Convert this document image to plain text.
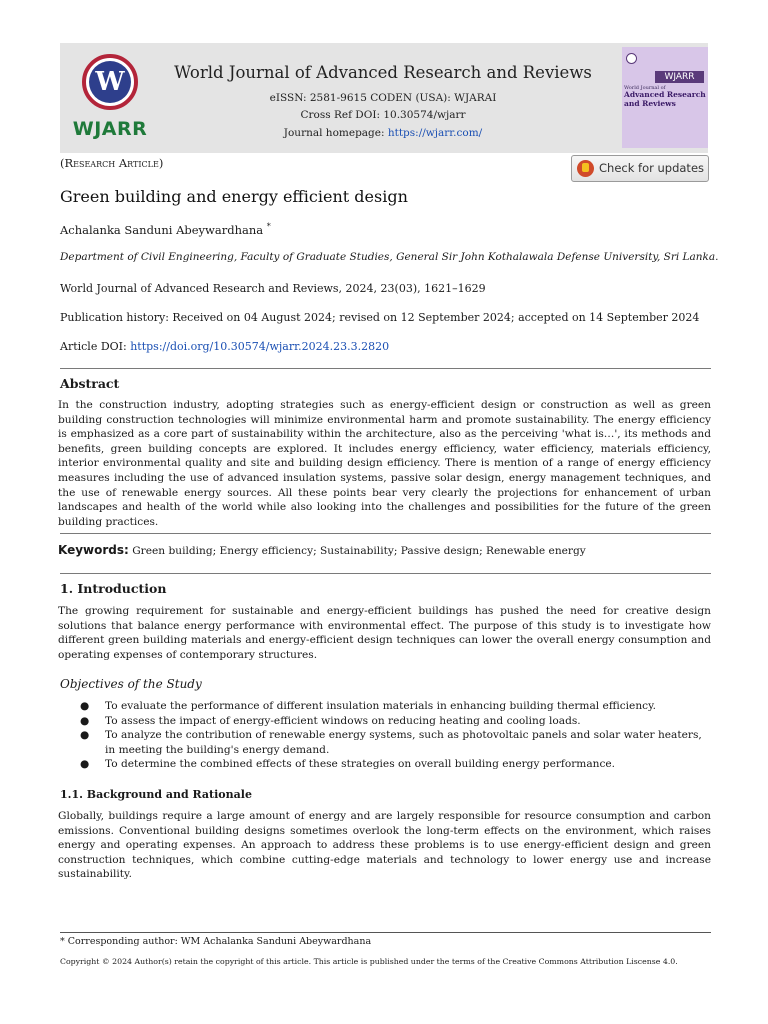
W
WJARR
World Journal of Advanced Research and Reviews
eISSN: 2581-9615 CODEN (USA): WJARAI
Cross Ref DOI: 10.30574/wjarr
Journal homepage: https://wjarr.com/
WJARR
World Journal of
Advanced Research and Reviews
(Research Article)	Check for updates
Green building and energy efficient design
Achalanka Sanduni Abeywardhana *
Department of Civil Engineering, Faculty of Graduate Studies, General Sir John Kothalawala Defense University, Sri Lanka.
World Journal of Advanced Research and Reviews, 2024, 23(03), 1621–1629
Publication history: Received on 04 August 2024; revised on 12 September 2024; accepted on 14 September 2024
Article DOI: https://doi.org/10.30574/wjarr.2024.23.3.2820
Abstract
In the construction industry, adopting strategies such as energy-efficient design or construction as well as green building construction technologies will minimize environmental harm and promote sustainability. The energy efficiency is emphasized as a core part of sustainability within the architecture, also as the perceiving 'what is…', its methods and benefits, green building concepts are explored. It includes energy efficiency, water efficiency, materials efficiency, interior environmental quality and site and building design efficiency. There is mention of a range of energy efficiency measures including the use of advanced insulation systems, passive solar design, energy management techniques, and the use of renewable energy sources. All these points bear very clearly the projections for enhancement of urban landscapes and health of the world while also looking into the challenges and possibilities for the future of the green building practices.
Keywords: Green building; Energy efficiency; Sustainability; Passive design; Renewable energy
1. Introduction
The growing requirement for sustainable and energy-efficient buildings has pushed the need for creative design solutions that balance energy performance with environmental effect. The purpose of this study is to investigate how different green building materials and energy-efficient design techniques can lower the overall energy consumption and operating expenses of contemporary structures.
Objectives of the Study
● To evaluate the performance of different insulation materials in enhancing building thermal efficiency.
● To assess the impact of energy-efficient windows on reducing heating and cooling loads.
● To analyze the contribution of renewable energy systems, such as photovoltaic panels and solar water heaters, in meeting the building's energy demand.
● To determine the combined effects of these strategies on overall building energy performance.
1.1. Background and Rationale
Globally, buildings require a large amount of energy and are largely responsible for resource consumption and carbon emissions. Conventional building designs sometimes overlook the long-term effects on the environment, which raises energy and operating expenses. An approach to address these problems is to use energy-efficient design and green construction techniques, which combine cutting-edge materials and technology to lower energy use and increase sustainability.
* Corresponding author: WM Achalanka Sanduni Abeywardhana
Copyright © 2024 Author(s) retain the copyright of this article. This article is published under the terms of the Creative Commons Attribution Liscense 4.0.
